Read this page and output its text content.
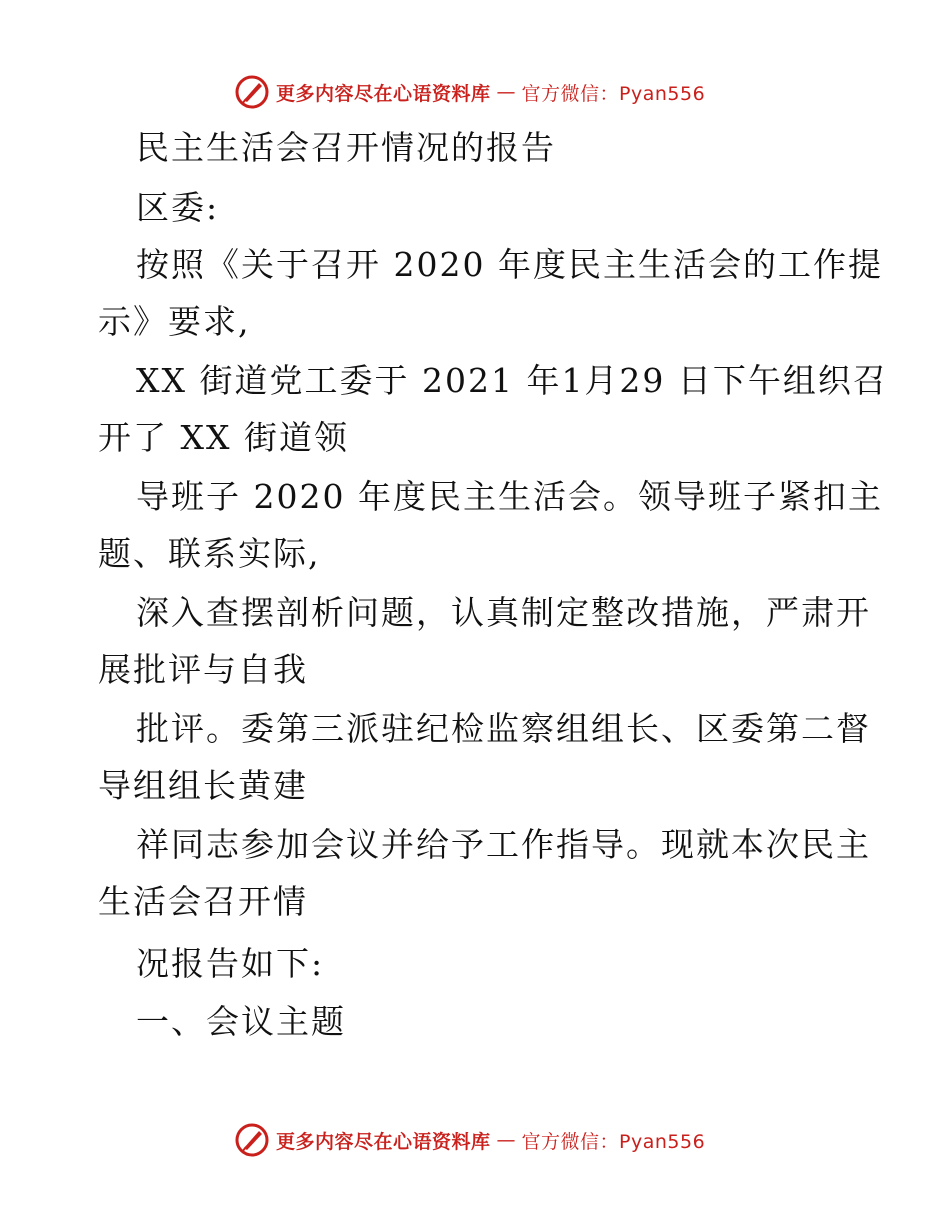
更多内容尽在心语资料库 — 官方微信：Pyan556

民主生活会召开情况的报告

区委:

按照《关于召开 2020 年度民主生活会的工作提

示》要求,

XX 街道党工委于 2021 年1月29 日下午组织召

开了 XX 街道领

导班子 2020 年度民主生活会。领导班子紧扣主

题、联系实际,

深入查摆剖析问题，认真制定整改措施，严肃开

展批评与自我

批评。委第三派驻纪检监察组组长、区委第二督

导组组长黄建

祥同志参加会议并给予工作指导。现就本次民主

生活会召开情

况报告如下:

一、会议主题

更多内容尽在心语资料库 — 官方微信：Pyan556
